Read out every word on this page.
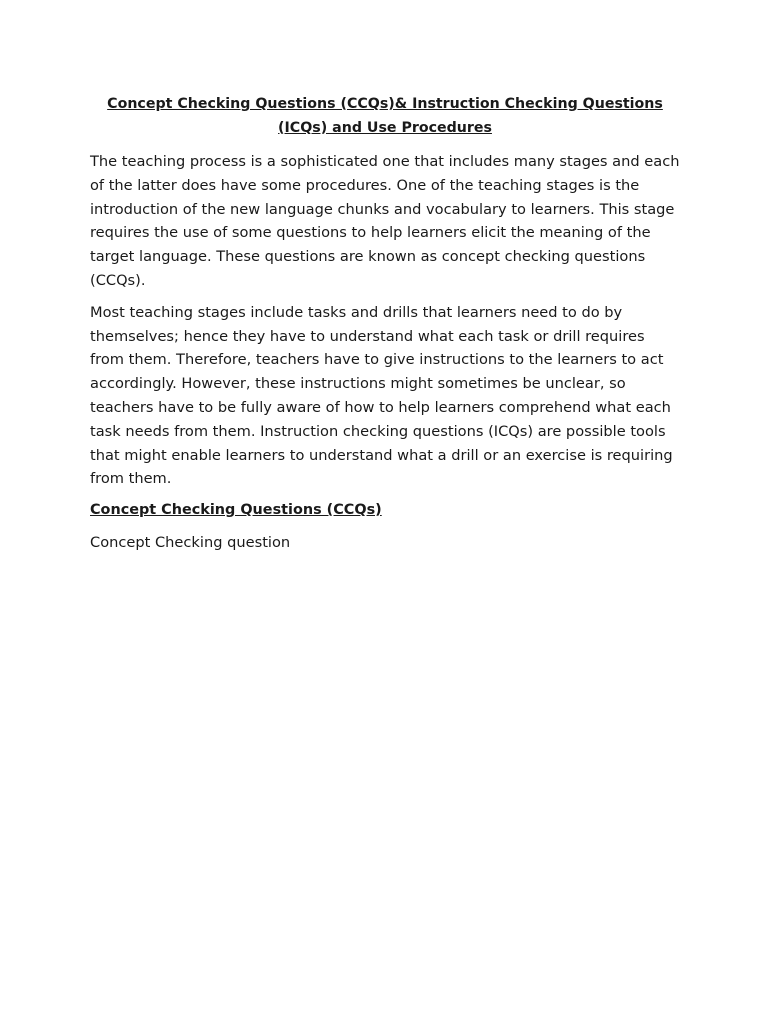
Concept Checking Questions (CCQs)& Instruction Checking Questions (ICQs) and Use Procedures

The teaching process is a sophisticated one that includes many stages and each of the latter does have some procedures. One of the teaching stages is the introduction of the new language chunks and vocabulary to learners. This stage requires the use of some questions to help learners elicit the meaning of the target language. These questions are known as concept checking questions (CCQs).

Most teaching stages include tasks and drills that learners need to do by themselves; hence they have to understand what each task or drill requires from them. Therefore, teachers have to give instructions to the learners to act accordingly. However, these instructions might sometimes be unclear, so teachers have to be fully aware of how to help learners comprehend what each task needs from them. Instruction checking questions (ICQs) are possible tools that might enable learners to understand what a drill or an exercise is requiring from them.

Concept Checking Questions (CCQs)

Concept Checking question
